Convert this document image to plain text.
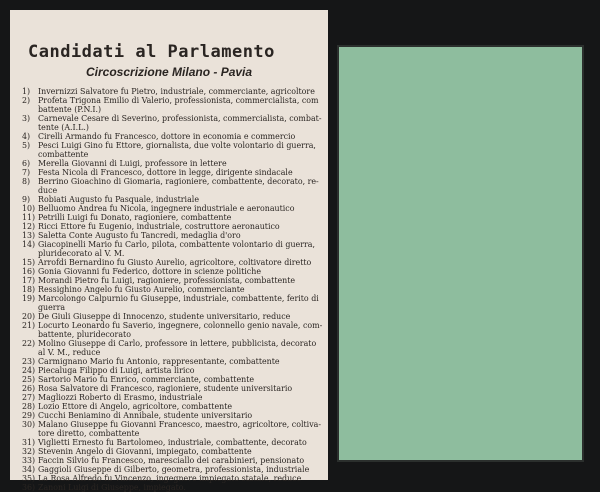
Candidati al Parlamento
Circoscrizione Milano - Pavia
1) Invernizzi Salvatore fu Pietro, industriale, commerciante, agricoltore
2) Profeta Trigona Emilio di Valerio, professionista, commercialista, com
battente (P.N.I.)
3) Carnevale Cesare di Severino, professionista, commercialista, combat-
tente (A.I.L.)
4) Cirelli Armando fu Francesco, dottore in economia e commercio
5) Pesci Luigi Gino fu Ettore, giornalista, due volte volontario di guerra,
combattente
6) Merella Giovanni di Luigi, professore in lettere
7) Festa Nicola di Francesco, dottore in legge, dirigente sindacale
8) Berrino Gioachino di Giomaria, ragioniere, combattente, decorato, re-
duce
9) Robiati Augusto fu Pasquale, industriale
10) Belluomo Andrea fu Nicola, ingegnere industriale e aeronautico
11) Petrilli Luigi fu Donato, ragioniere, combattente
12) Ricci Ettore fu Eugenio, industriale, costruttore aeronautico
13) Saletta Conte Augusto fu Tancredi, medaglia d'oro
14) Giacopinelli Mario fu Carlo, pilota, combattente volontario di guerra,
pluridecorato al V. M.
15) Arrofdi Bernardino fu Giusto Aurelio, agricoltore, coltivatore diretto
16) Gonia Giovanni fu Federico, dottore in scienze politiche
17) Morandi Pietro fu Luigi, ragioniere, professionista, combattente
18) Ressighino Angelo fu Giusto Aurelio, commerciante
19) Marcolongo Calpurnio fu Giuseppe, industriale, combattente, ferito di
guerra
20) De Giuli Giuseppe di Innocenzo, studente universitario, reduce
21) Locurto Leonardo fu Saverio, ingegnere, colonnello genio navale, com-
battente, pluridecorato
22) Molino Giuseppe di Carlo, professore in lettere, pubblicista, decorato
al V. M., reduce
23) Carmignano Mario fu Antonio, rappresentante, combattente
24) Piecaluga Filippo di Luigi, artista lirico
25) Sartorio Mario fu Enrico, commerciante, combattente
26) Rosa Salvatore di Francesco, ragioniere, studente universitario
27) Magliozzi Roberto di Erasmo, industriale
28) Lozio Ettore di Angelo, agricoltore, combattente
29) Cucchi Beniamino di Annibale, studente universitario
30) Malano Giuseppe fu Giovanni Francesco, maestro, agricoltore, coltiva-
tore diretto, combattente
31) Viglietti Ernesto fu Bartolomeo, industriale, combattente, decorato
32) Stevenin Angelo di Giovanni, impiegato, combattente
33) Faccin Silvio fu Francesco, maresciallo dei carabinieri, pensionato
34) Gaggioli Giuseppe di Gilberto, geometra, professionista, industriale
35) La Rosa Alfredo fu Vincenzo, ingegnere impiegato statale, reduce
36) Zanoni Luigi di Giuseppe, impiegato.
